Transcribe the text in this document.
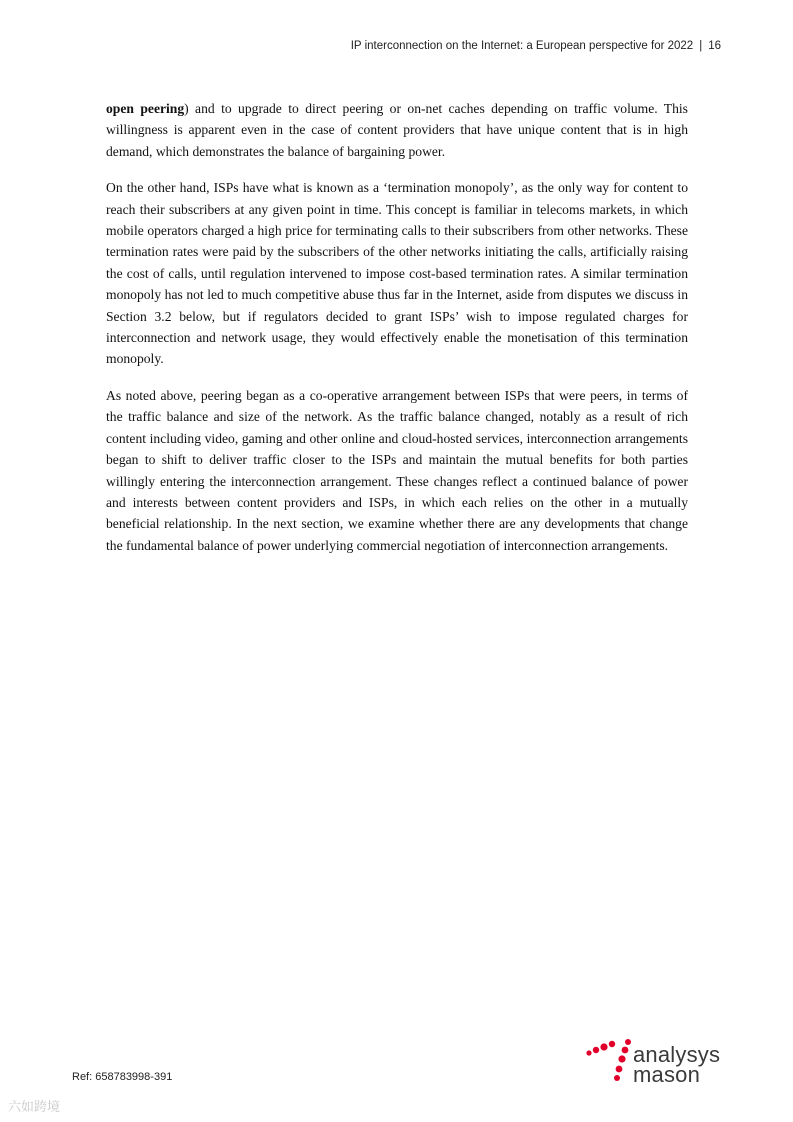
IP interconnection on the Internet: a European perspective for 2022 | 16

open peering) and to upgrade to direct peering or on-net caches depending on traffic volume. This willingness is apparent even in the case of content providers that have unique content that is in high demand, which demonstrates the balance of bargaining power.

On the other hand, ISPs have what is known as a ‘termination monopoly’, as the only way for content to reach their subscribers at any given point in time. This concept is familiar in telecoms markets, in which mobile operators charged a high price for terminating calls to their subscribers from other networks. These termination rates were paid by the subscribers of the other networks initiating the calls, artificially raising the cost of calls, until regulation intervened to impose cost-based termination rates. A similar termination monopoly has not led to much competitive abuse thus far in the Internet, aside from disputes we discuss in Section 3.2 below, but if regulators decided to grant ISPs’ wish to impose regulated charges for interconnection and network usage, they would effectively enable the monetisation of this termination monopoly.

As noted above, peering began as a co-operative arrangement between ISPs that were peers, in terms of the traffic balance and size of the network. As the traffic balance changed, notably as a result of rich content including video, gaming and other online and cloud-hosted services, interconnection arrangements began to shift to deliver traffic closer to the ISPs and maintain the mutual benefits for both parties willingly entering the interconnection arrangement. These changes reflect a continued balance of power and interests between content providers and ISPs, in which each relies on the other in a mutually beneficial relationship. In the next section, we examine whether there are any developments that change the fundamental balance of power underlying commercial negotiation of interconnection arrangements.

Ref: 658783998-391
analysys
mason
六如跨境
